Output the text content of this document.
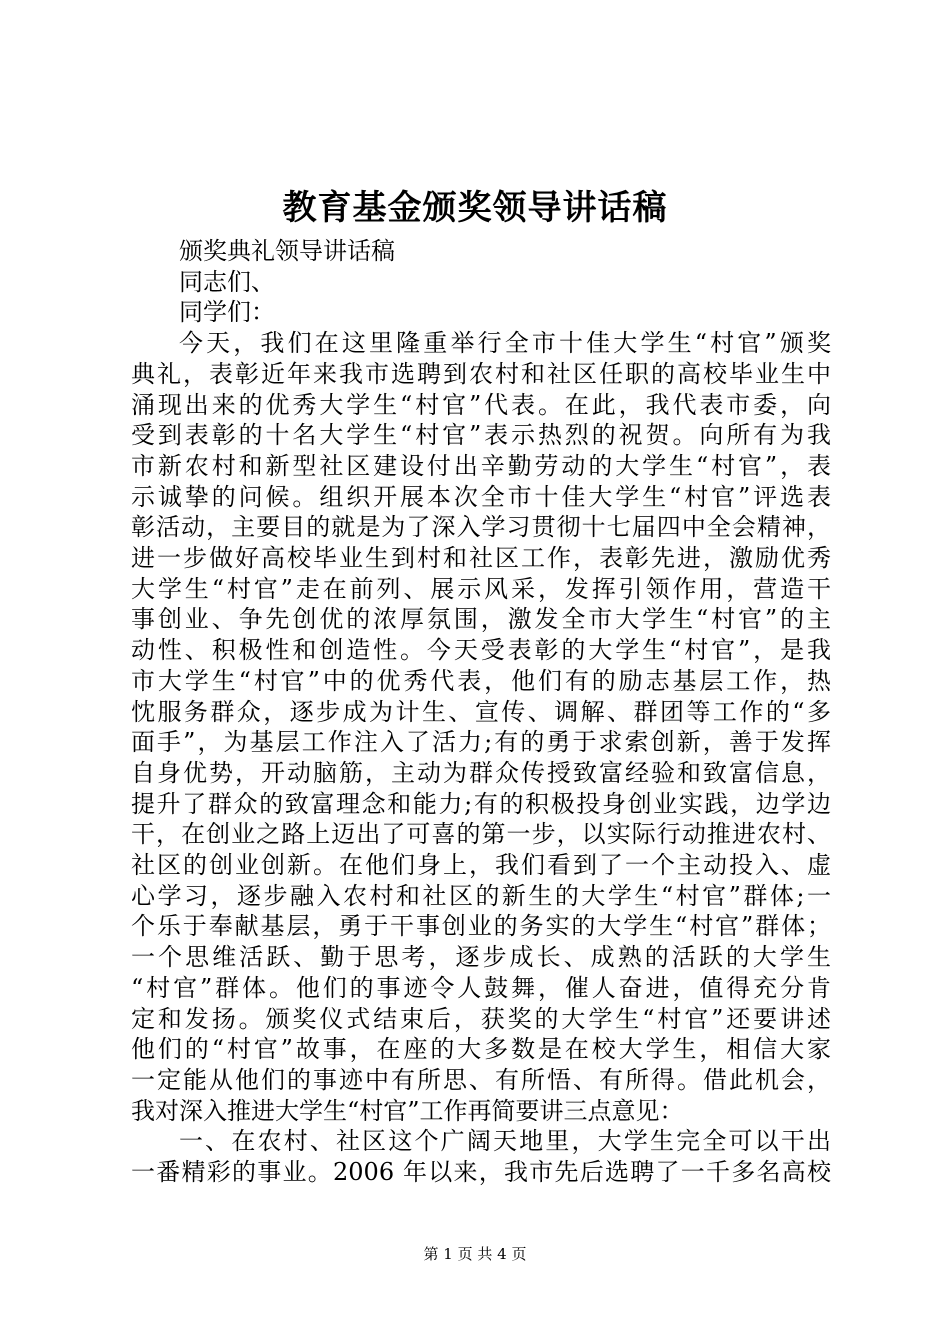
教育基金颁奖领导讲话稿
颁奖典礼领导讲话稿
同志们、
同学们：
今天，我们在这里隆重举行全市十佳大学生“村官”颁奖
典礼，表彰近年来我市选聘到农村和社区任职的高校毕业生中
涌现出来的优秀大学生“村官”代表。在此，我代表市委，向
受到表彰的十名大学生“村官”表示热烈的祝贺。向所有为我
市新农村和新型社区建设付出辛勤劳动的大学生“村官”，表
示诚挚的问候。组织开展本次全市十佳大学生“村官”评选表
彰活动，主要目的就是为了深入学习贯彻十七届四中全会精神，
进一步做好高校毕业生到村和社区工作，表彰先进，激励优秀
大学生“村官”走在前列、展示风采，发挥引领作用，营造干
事创业、争先创优的浓厚氛围，激发全市大学生“村官”的主
动性、积极性和创造性。今天受表彰的大学生“村官”，是我
市大学生“村官”中的优秀代表，他们有的励志基层工作，热
忱服务群众，逐步成为计生、宣传、调解、群团等工作的“多
面手”，为基层工作注入了活力;有的勇于求索创新，善于发挥
自身优势，开动脑筋，主动为群众传授致富经验和致富信息，
提升了群众的致富理念和能力;有的积极投身创业实践，边学边
干，在创业之路上迈出了可喜的第一步，以实际行动推进农村、
社区的创业创新。在他们身上，我们看到了一个主动投入、虚
心学习，逐步融入农村和社区的新生的大学生“村官”群体;一
个乐于奉献基层，勇于干事创业的务实的大学生“村官”群体；
一个思维活跃、勤于思考，逐步成长、成熟的活跃的大学生
“村官”群体。他们的事迹令人鼓舞，催人奋进，值得充分肯
定和发扬。颁奖仪式结束后，获奖的大学生“村官”还要讲述
他们的“村官”故事，在座的大多数是在校大学生，相信大家
一定能从他们的事迹中有所思、有所悟、有所得。借此机会，
我对深入推进大学生“村官”工作再简要讲三点意见：
一、在农村、社区这个广阔天地里，大学生完全可以干出
一番精彩的事业。2006 年以来，我市先后选聘了一千多名高校
第 1 页 共 4 页
